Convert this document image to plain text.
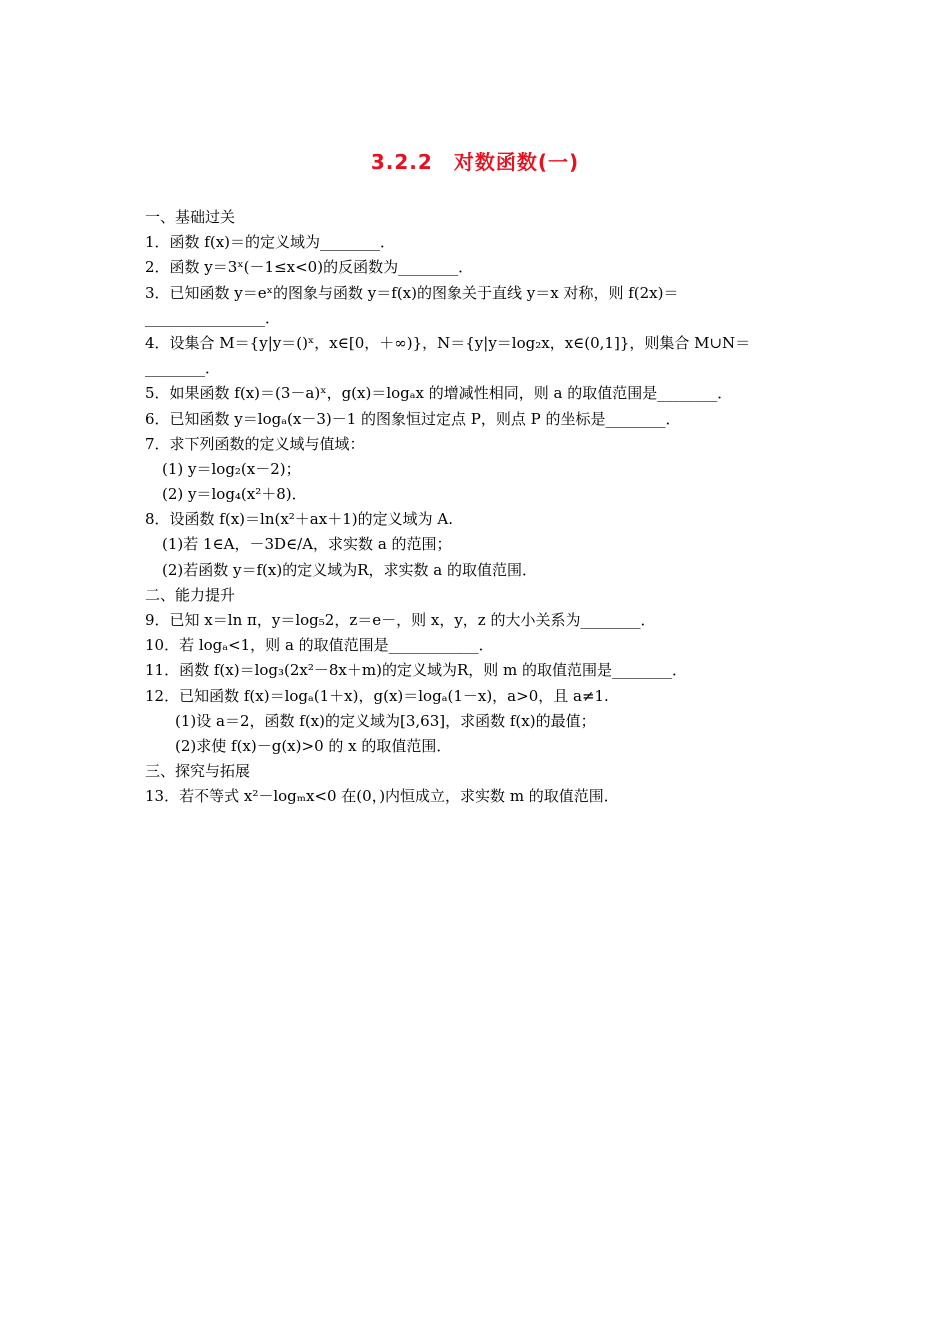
3.2.2　对数函数(一)
一、基础过关
1．函数 f(x)＝的定义域为________．
2．函数 y＝3ˣ(－1≤x<0)的反函数为________．
3．已知函数 y＝eˣ的图象与函数 y＝f(x)的图象关于直线 y＝x 对称，则 f(2x)＝
________________．
4．设集合 M＝{y|y＝()ˣ，x∈[0，＋∞)}，N＝{y|y＝log₂x，x∈(0,1]}，则集合 M∪N＝
________．
5．如果函数 f(x)＝(3－a)ˣ，g(x)＝logₐx 的增减性相同，则 a 的取值范围是________．
6．已知函数 y＝logₐ(x－3)－1 的图象恒过定点 P，则点 P 的坐标是________．
7．求下列函数的定义域与值域：
(1) y＝log₂(x－2)；
(2) y＝log₄(x²＋8)．
8．设函数 f(x)＝ln(x²＋ax＋1)的定义域为 A.
(1)若 1∈A，－3D∈/A，求实数 a 的范围；
(2)若函数 y＝f(x)的定义域为R，求实数 a 的取值范围．
二、能力提升
9．已知 x＝ln π，y＝log₅2，z＝e－，则 x，y，z 的大小关系为________．
10．若 logₐ<1，则 a 的取值范围是____________．
11．函数 f(x)＝log₃(2x²－8x＋m)的定义域为R，则 m 的取值范围是________．
12．已知函数 f(x)＝logₐ(1＋x)，g(x)＝logₐ(1－x)，a>0，且 a≠1.
(1)设 a＝2，函数 f(x)的定义域为[3,63]，求函数 f(x)的最值；
(2)求使 f(x)－g(x)>0 的 x 的取值范围．
三、探究与拓展
13．若不等式 x²－logₘx<0 在(0，)内恒成立，求实数 m 的取值范围．
